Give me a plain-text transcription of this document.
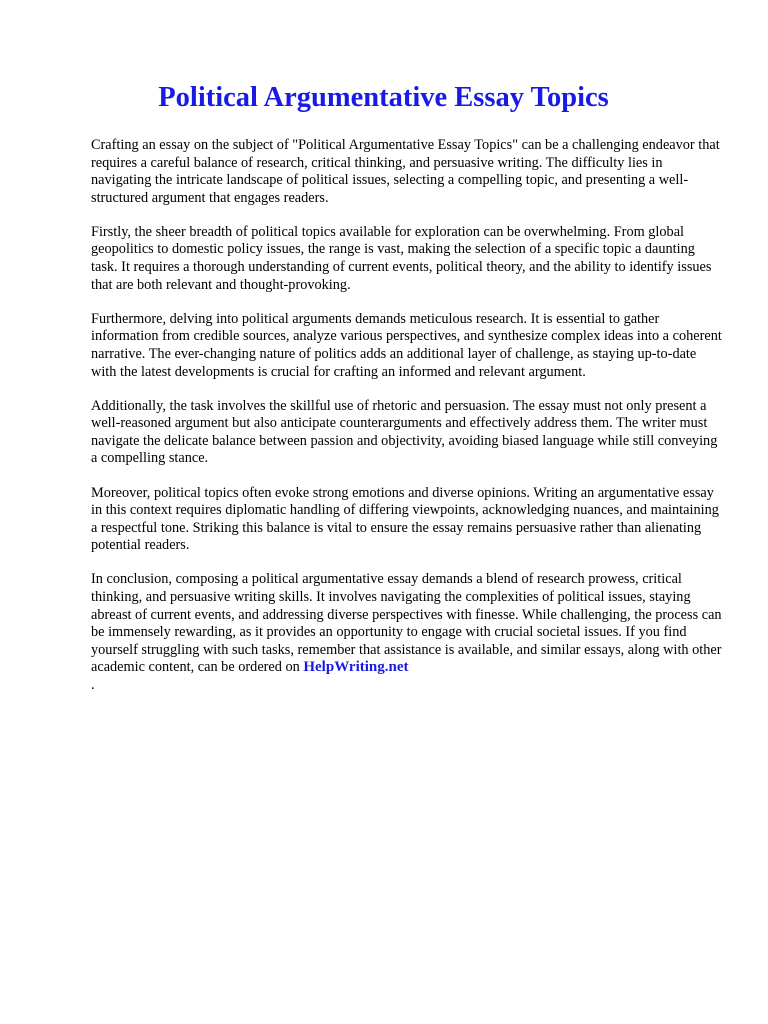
Political Argumentative Essay Topics

Crafting an essay on the subject of "Political Argumentative Essay Topics" can be a challenging endeavor that requires a careful balance of research, critical thinking, and persuasive writing. The difficulty lies in navigating the intricate landscape of political issues, selecting a compelling topic, and presenting a well-structured argument that engages readers.

Firstly, the sheer breadth of political topics available for exploration can be overwhelming. From global geopolitics to domestic policy issues, the range is vast, making the selection of a specific topic a daunting task. It requires a thorough understanding of current events, political theory, and the ability to identify issues that are both relevant and thought-provoking.

Furthermore, delving into political arguments demands meticulous research. It is essential to gather information from credible sources, analyze various perspectives, and synthesize complex ideas into a coherent narrative. The ever-changing nature of politics adds an additional layer of challenge, as staying up-to-date with the latest developments is crucial for crafting an informed and relevant argument.

Additionally, the task involves the skillful use of rhetoric and persuasion. The essay must not only present a well-reasoned argument but also anticipate counterarguments and effectively address them. The writer must navigate the delicate balance between passion and objectivity, avoiding biased language while still conveying a compelling stance.

Moreover, political topics often evoke strong emotions and diverse opinions. Writing an argumentative essay in this context requires diplomatic handling of differing viewpoints, acknowledging nuances, and maintaining a respectful tone. Striking this balance is vital to ensure the essay remains persuasive rather than alienating potential readers.

In conclusion, composing a political argumentative essay demands a blend of research prowess, critical thinking, and persuasive writing skills. It involves navigating the complexities of political issues, staying abreast of current events, and addressing diverse perspectives with finesse. While challenging, the process can be immensely rewarding, as it provides an opportunity to engage with crucial societal issues. If you find yourself struggling with such tasks, remember that assistance is available, and similar essays, along with other academic content, can be ordered on HelpWriting.net
.
